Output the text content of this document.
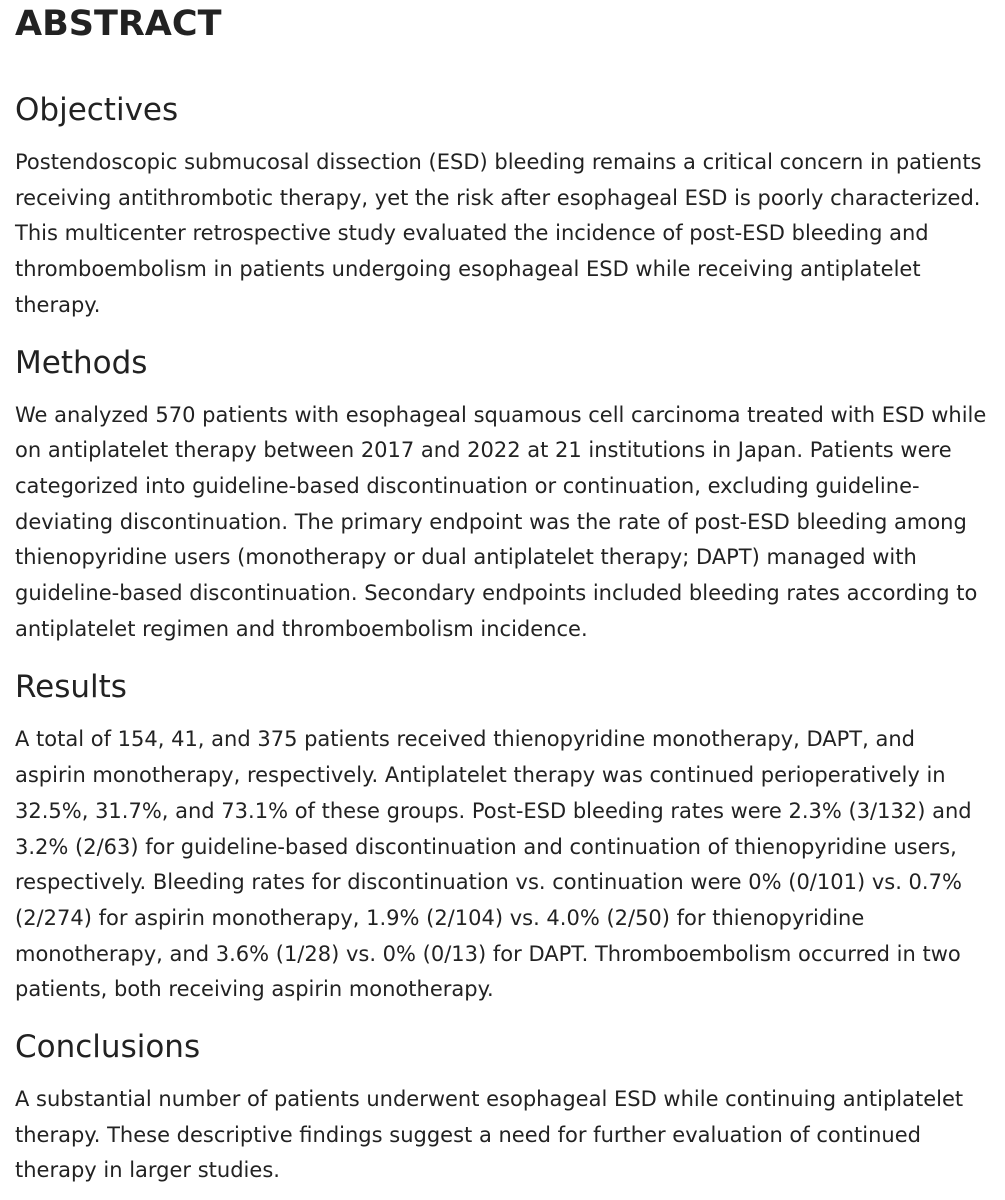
ABSTRACT
Objectives

Postendoscopic submucosal dissection (ESD) bleeding remains a critical concern in patients receiving antithrombotic therapy, yet the risk after esophageal ESD is poorly characterized. This multicenter retrospective study evaluated the incidence of post-ESD bleeding and thromboembolism in patients undergoing esophageal ESD while receiving antiplatelet therapy.

Methods

We analyzed 570 patients with esophageal squamous cell carcinoma treated with ESD while on antiplatelet therapy between 2017 and 2022 at 21 institutions in Japan. Patients were categorized into guideline-based discontinuation or continuation, excluding guideline-deviating discontinuation. The primary endpoint was the rate of post-ESD bleeding among thienopyridine users (monotherapy or dual antiplatelet therapy; DAPT) managed with guideline-based discontinuation. Secondary endpoints included bleeding rates according to antiplatelet regimen and thromboembolism incidence.

Results

A total of 154, 41, and 375 patients received thienopyridine monotherapy, DAPT, and aspirin monotherapy, respectively. Antiplatelet therapy was continued perioperatively in 32.5%, 31.7%, and 73.1% of these groups. Post-ESD bleeding rates were 2.3% (3/132) and 3.2% (2/63) for guideline-based discontinuation and continuation of thienopyridine users, respectively. Bleeding rates for discontinuation vs. continuation were 0% (0/101) vs. 0.7% (2/274) for aspirin monotherapy, 1.9% (2/104) vs. 4.0% (2/50) for thienopyridine monotherapy, and 3.6% (1/28) vs. 0% (0/13) for DAPT. Thromboembolism occurred in two patients, both receiving aspirin monotherapy.

Conclusions

A substantial number of patients underwent esophageal ESD while continuing antiplatelet therapy. These descriptive findings suggest a need for further evaluation of continued therapy in larger studies.
